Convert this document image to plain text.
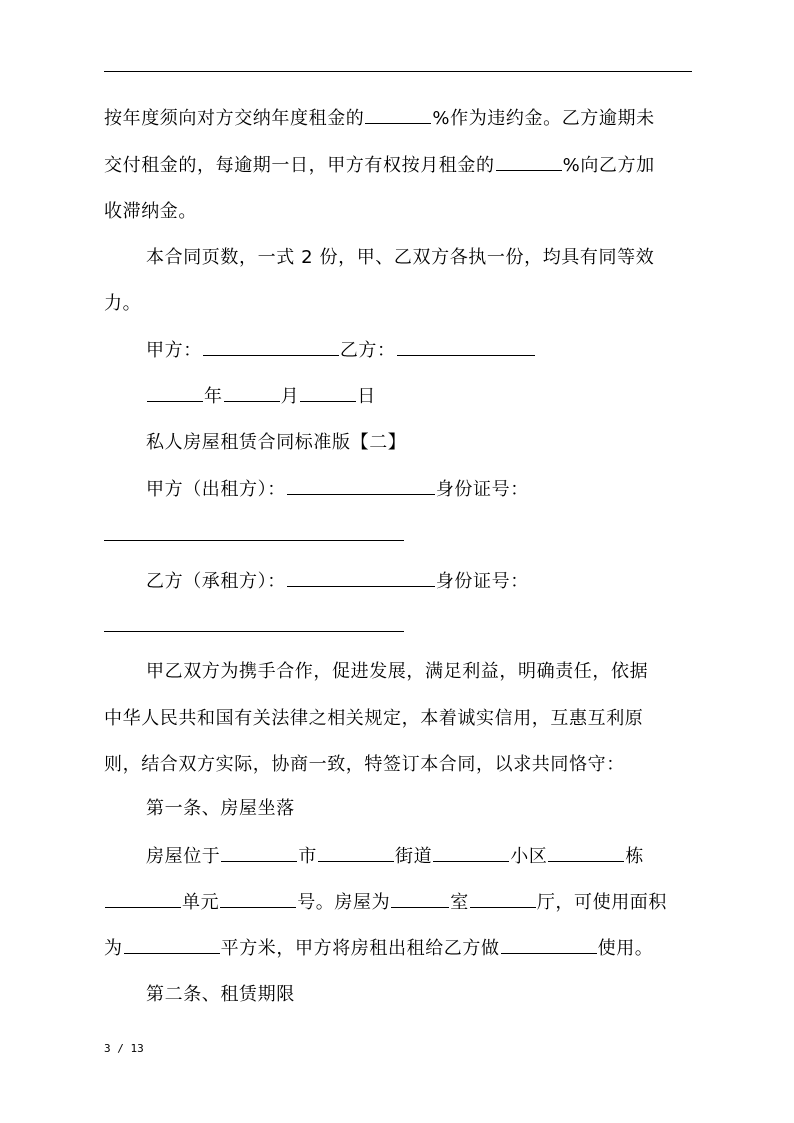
按年度须向对方交纳年度租金的	%作为违约金。乙方逾期未
交付租金的，每逾期一日，甲方有权按月租金的	%向乙方加
收滞纳金。
本合同页数，一式 2 份，甲、乙双方各执一份，均具有同等效
力。
甲方：	乙方：
年	月	日
私人房屋租赁合同标准版【二】
甲方（出租方）：	身份证号：
乙方（承租方）：	身份证号：
甲乙双方为携手合作，促进发展，满足利益，明确责任，依据
中华人民共和国有关法律之相关规定，本着诚实信用，互惠互利原
则，结合双方实际，协商一致，特签订本合同，以求共同恪守：
第一条、房屋坐落
房屋位于	市	街道	小区	栋
单元	号。房屋为	室	厅，可使用面积
为	平方米，甲方将房租出租给乙方做	使用。
第二条、租赁期限
3 / 13
